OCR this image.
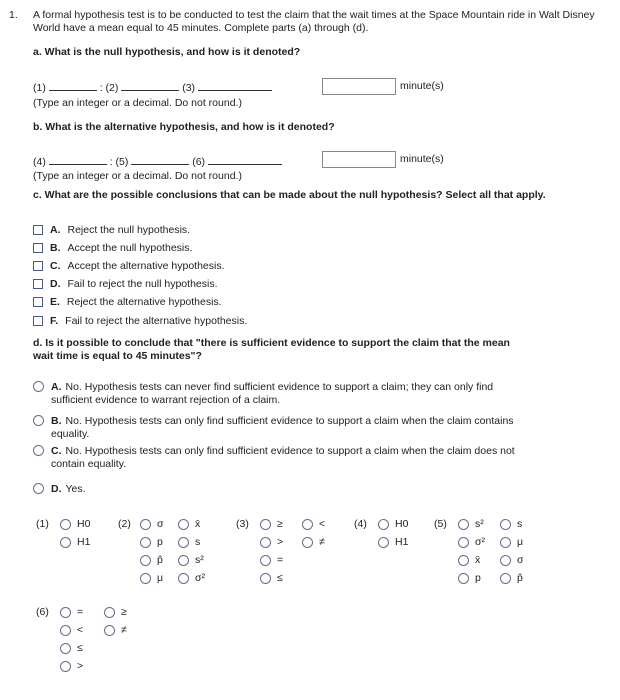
1. A formal hypothesis test is to be conducted to test the claim that the wait times at the Space Mountain ride in Walt Disney World have a mean equal to 45 minutes. Complete parts (a) through (d).
a. What is the null hypothesis, and how is it denoted?
(1)	: (2)	(3)	minute(s)
(Type an integer or a decimal. Do not round.)
b. What is the alternative hypothesis, and how is it denoted?
(4)	: (5)	(6)	minute(s)
(Type an integer or a decimal. Do not round.)
c. What are the possible conclusions that can be made about the null hypothesis? Select all that apply.
A. Reject the null hypothesis.
B. Accept the null hypothesis.
C. Accept the alternative hypothesis.
D. Fail to reject the null hypothesis.
E. Reject the alternative hypothesis.
F. Fail to reject the alternative hypothesis.
d. Is it possible to conclude that "there is sufficient evidence to support the claim that the mean
wait time is equal to 45 minutes"?
A. No. Hypothesis tests can never find sufficient evidence to support a claim; they can only find sufficient evidence to warrant rejection of a claim.
B. No. Hypothesis tests can only find sufficient evidence to support a claim when the claim contains equality.
C. No. Hypothesis tests can only find sufficient evidence to support a claim when the claim does not contain equality.
D. Yes.
(1)	H0
H1
(2) σ	x̄
p	s
p̂	s²
μ	σ²
(3)	≥	<
>	≠
=
≤
(4)	H0
H1
(5)	s²	s
σ²	μ
x̄	σ
p	p̂
(6)	=	≥
<	≠
≤
>
